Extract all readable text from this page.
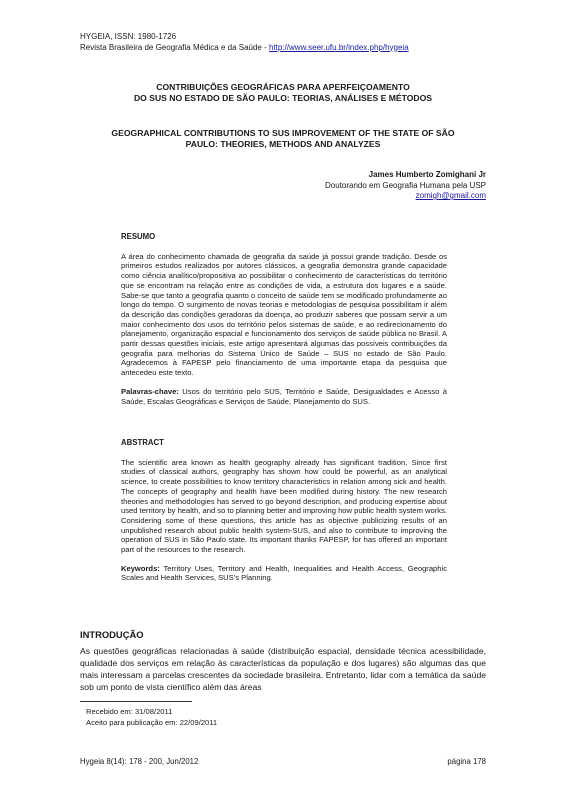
HYGEIA, ISSN: 1980-1726
Revista Brasileira de Geografia Médica e da Saúde - http://www.seer.ufu.br/index.php/hygeia
CONTRIBUIÇÕES GEOGRÁFICAS PARA APERFEIÇOAMENTO
DO SUS NO ESTADO DE SÃO PAULO: TEORIAS, ANÁLISES E MÉTODOS
GEOGRAPHICAL CONTRIBUTIONS TO SUS IMPROVEMENT OF THE STATE OF SÃO
PAULO: THEORIES, METHODS AND ANALYZES
James Humberto Zomighani Jr
Doutorando em Geografia Humana pela USP
zomigh@gmail.com
RESUMO
A área do conhecimento chamada de geografia da saúde já possui grande tradição. Desde os primeiros estudos realizados por autores clássicos, a geografia demonstra grande capacidade como ciência analítico/propositiva ao possibilitar o conhecimento de características do território que se encontram na relação entre as condições de vida, a estrutura dos lugares e a saúde. Sabe-se que tanto a geografia quanto o conceito de saúde tem se modificado profundamente ao longo do tempo. O surgimento de novas teorias e metodologias de pesquisa possibilitam ir além da descrição das condições geradoras da doença, ao produzir saberes que possam servir a um maior conhecimento dos usos do território pelos sistemas de saúde, e ao redirecionamento do planejamento, organização espacial e funcionamento dos serviços de saúde pública no Brasil. A partir dessas questões iniciais, este artigo apresentará algumas das possíveis contribuições da geografia para melhorias do Sistema Único de Saúde – SUS no estado de São Paulo. Agradecemos à FAPESP pelo financiamento de uma importante etapa da pesquisa que antecedeu este texto.
Palavras-chave: Usos do território pelo SUS, Território e Saúde, Desigualdades e Acesso à Saúde, Escalas Geográficas e Serviços de Saúde, Planejamento do SUS.
ABSTRACT
The scientific area known as health geography already has significant tradition. Since first studies of classical authors, geography has shown how could be powerful, as an analytical science, to create possibilities to know territory characteristics in relation among sick and health. The concepts of geography and health have been modified during history. The new research theories and methodologies has served to go beyond description, and producing expertise about used territory by health, and so to planning better and improving how public health system works. Considering some of these questions, this article has as objective publicizing results of an unpublished research about public health system-SUS, and also to contribute to improving the operation of SUS in São Paulo state. Its important thanks FAPESP, for has offered an important part of the resources to the research.
Keywords: Territory Uses, Territory and Health, Inequalities and Health Access, Geographic Scales and Health Services, SUS’s Planning.
INTRODUÇÃO
As questões geográficas relacionadas à saúde (distribuição espacial, densidade técnica acessibilidade, qualidade dos serviços em relação às características da população e dos lugares) são algumas das que mais interessam a parcelas crescentes da sociedade brasileira. Entretanto, lidar com a temática da saúde sob um ponto de vista científico além das áreas
Recebido em: 31/08/2011
Aceito para publicação em: 22/09/2011
Hygeia 8(14): 178 - 200, Jun/2012	página 178
